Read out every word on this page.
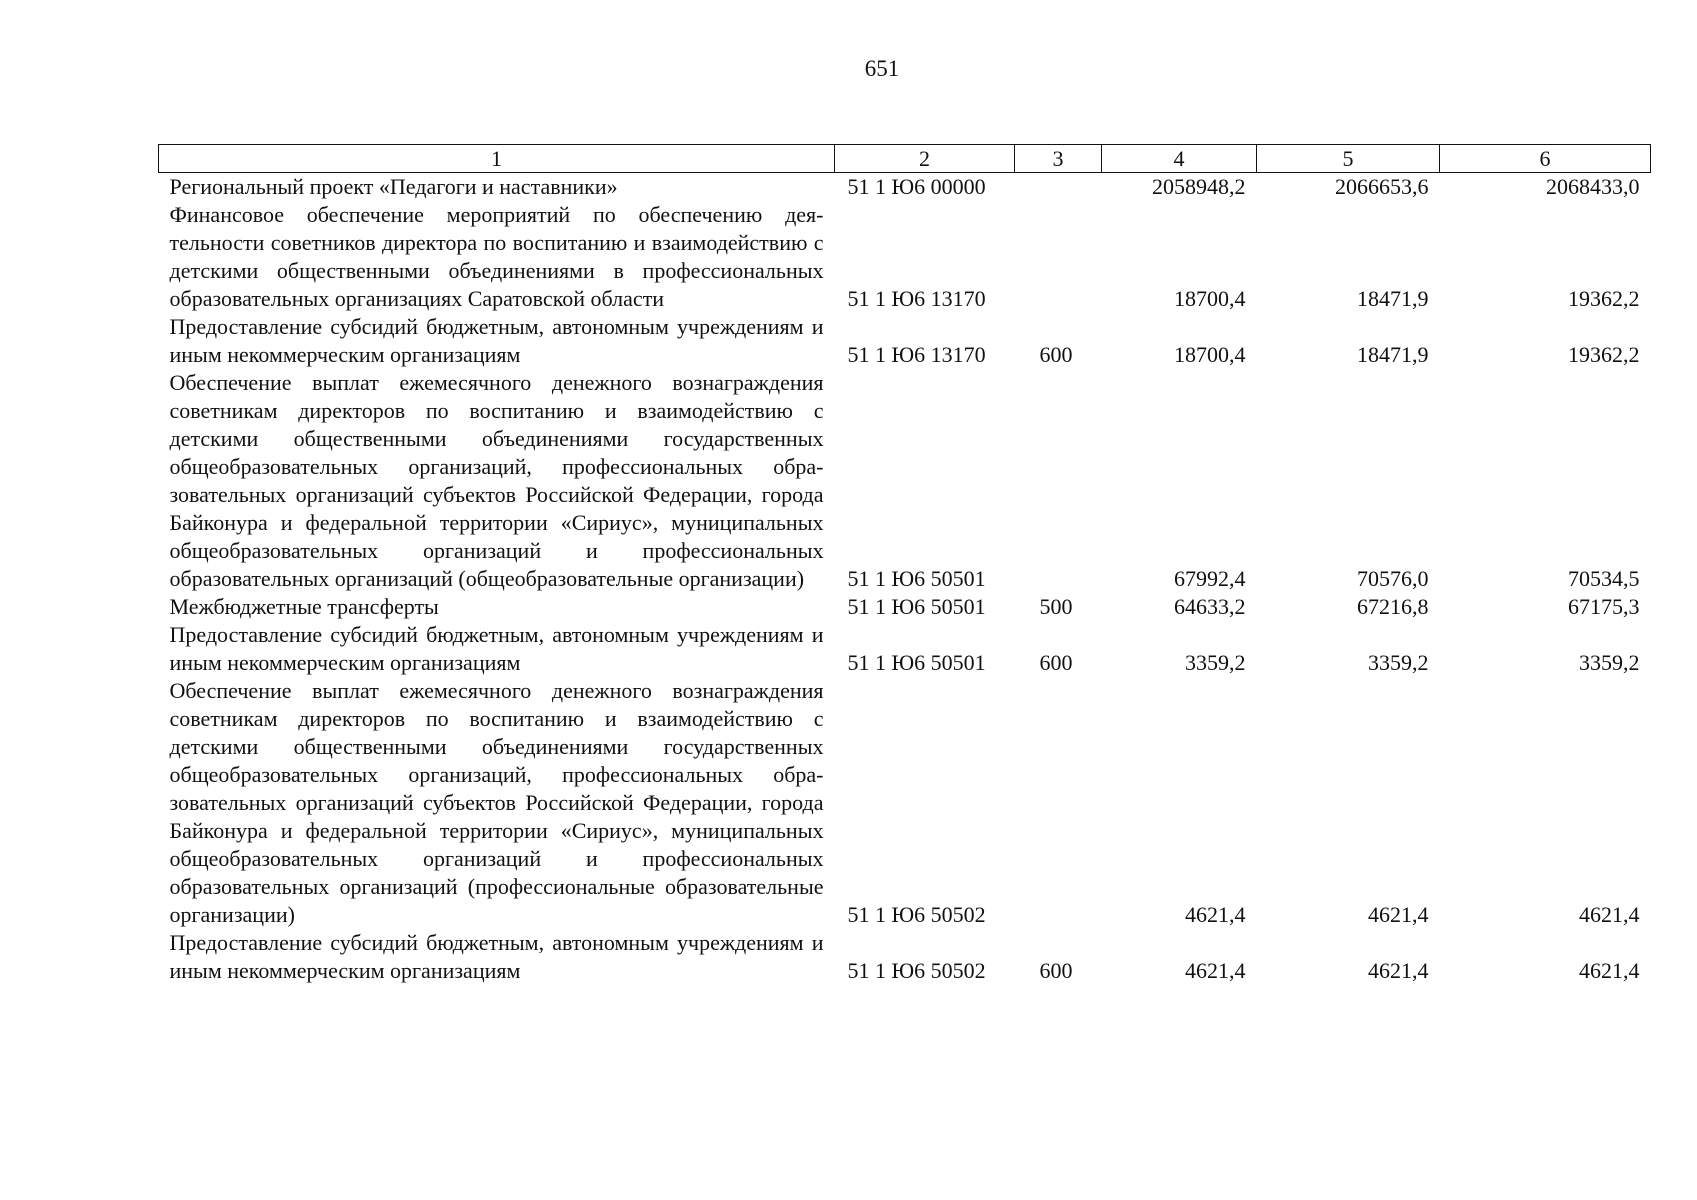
651
1	2	3	4	5	6
Региональный проект «Педагоги и наставники»	51 1 Ю6 00000		2058948,2	2066653,6	2068433,0
Финансовое обеспечение мероприятий по обеспечению деятельности советников директора по воспитанию и взаимодействию с детскими общественными объединениями в профессиональных образовательных организациях Саратовской области	51 1 Ю6 13170		18700,4	18471,9	19362,2
Предоставление субсидий бюджетным, автономным учреждениям и иным некоммерческим организациям	51 1 Ю6 13170	600	18700,4	18471,9	19362,2
Обеспечение выплат ежемесячного денежного вознаграждения советникам директоров по воспитанию и взаимодействию с детскими общественными объединениями государственных общеобразовательных организаций, профессиональных образовательных организаций субъектов Российской Федерации, города Байконура и федеральной территории «Сириус», муниципальных общеобразовательных организаций и профессиональных образовательных организаций (общеобразовательные организации)	51 1 Ю6 50501		67992,4	70576,0	70534,5
Межбюджетные трансферты	51 1 Ю6 50501	500	64633,2	67216,8	67175,3
Предоставление субсидий бюджетным, автономным учреждениям и иным некоммерческим организациям	51 1 Ю6 50501	600	3359,2	3359,2	3359,2
Обеспечение выплат ежемесячного денежного вознаграждения советникам директоров по воспитанию и взаимодействию с детскими общественными объединениями государственных общеобразовательных организаций, профессиональных образовательных организаций субъектов Российской Федерации, города Байконура и федеральной территории «Сириус», муниципальных общеобразовательных организаций и профессиональных образовательных организаций (профессиональные образовательные организации)	51 1 Ю6 50502		4621,4	4621,4	4621,4
Предоставление субсидий бюджетным, автономным учреждениям и иным некоммерческим организациям	51 1 Ю6 50502	600	4621,4	4621,4	4621,4
